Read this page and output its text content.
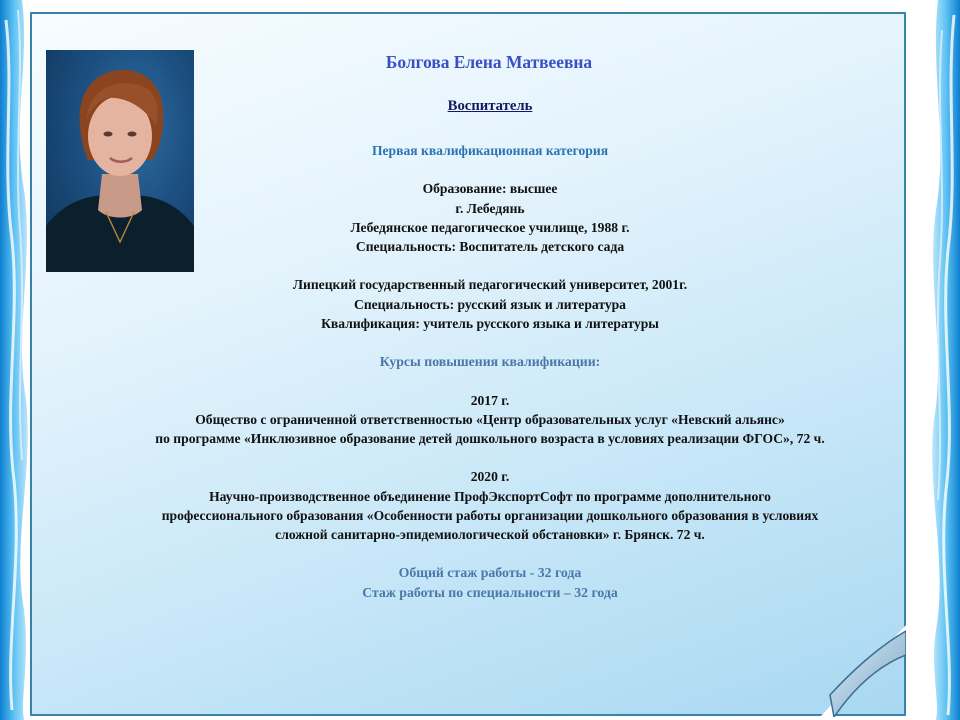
Болгова Елена Матвеевна
Воспитатель
Первая квалификационная категория
Образование: высшее
г. Лебедянь
Лебедянское педагогическое училище, 1988 г.
Специальность: Воспитатель детского сада
Липецкий государственный педагогический университет, 2001г.
Специальность: русский язык и литература
Квалификация: учитель русского языка и литературы
Курсы повышения квалификации:
2017 г.
Общество с ограниченной ответственностью «Центр образовательных услуг «Невский альянс»
по программе «Инклюзивное образование детей дошкольного возраста в условиях реализации ФГОС», 72 ч.
2020 г.
Научно-производственное объединение ПрофЭкспортСофт по программе дополнительного
профессионального образования «Особенности работы организации дошкольного образования в условиях
сложной санитарно-эпидемиологической обстановки» г. Брянск. 72 ч.
Общий стаж работы - 32 года
Стаж работы по специальности – 32 года
